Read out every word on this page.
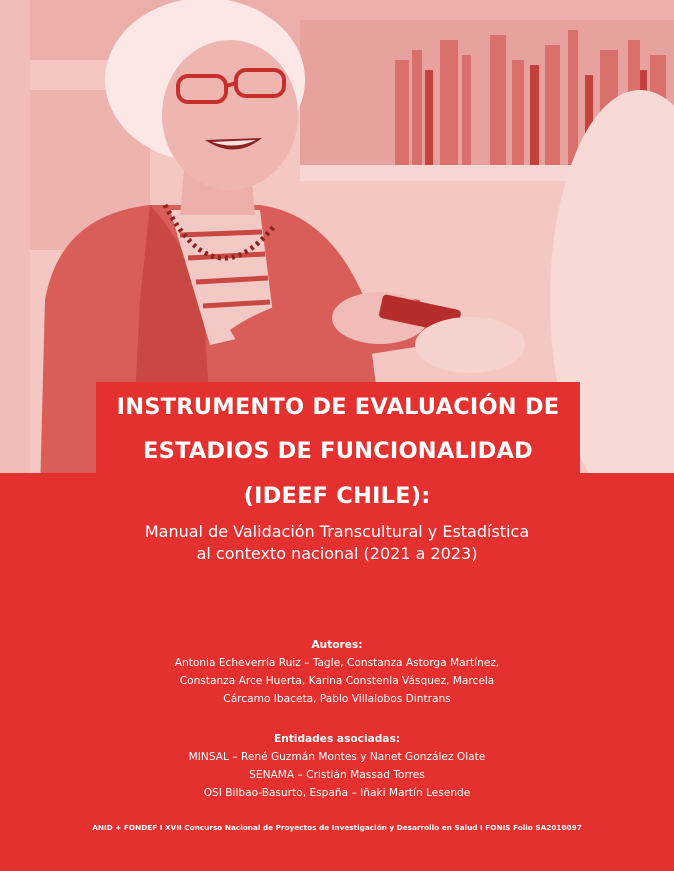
INSTRUMENTO DE EVALUACIÓN DE
ESTADIOS DE FUNCIONALIDAD
(IDEEF CHILE):
Manual de Validación Transcultural y Estadística
al contexto nacional (2021 a 2023)
Autores:
Antonia Echeverría Ruiz – Tagle, Constanza Astorga Martínez,
Constanza Arce Huerta, Karina Constenla Vásquez, Marcela
Cárcamo Ibaceta, Pablo Villalobos Dintrans
Entidades asociadas:
MINSAL – René Guzmán Montes y Nanet González Olate
SENAMA – Cristián Massad Torres
OSI Bilbao-Basurto, España – Iñaki Martín Lesende
ANID + FONDEF I XVII Concurso Nacional de Proyectos de Investigación y Desarrollo en Salud I FONIS Folio SA2010097
